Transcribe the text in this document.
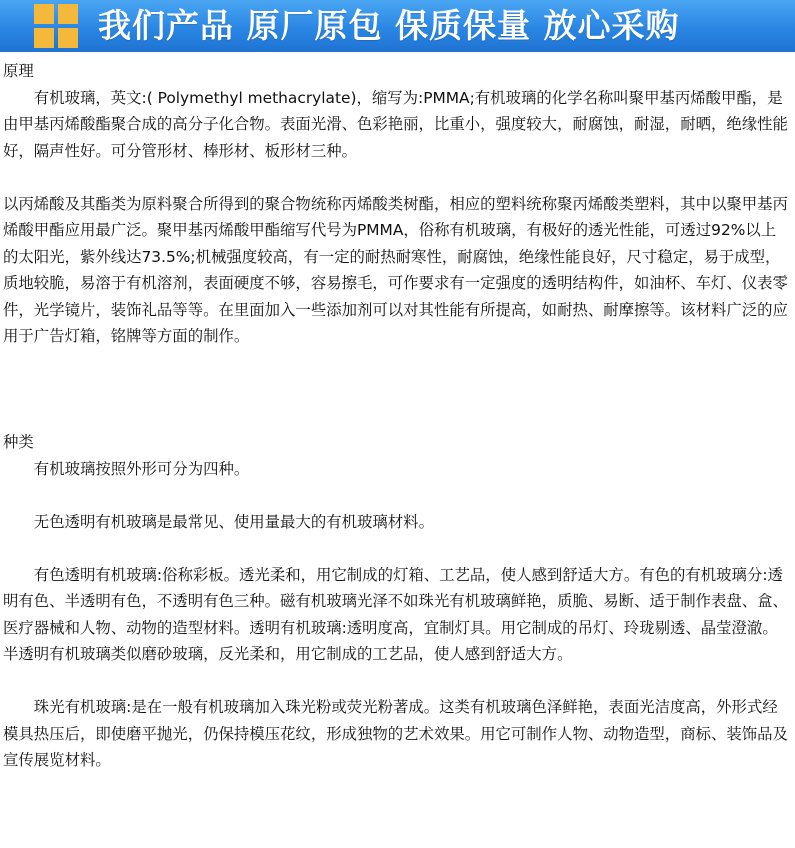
我们产品 原厂原包 保质保量 放心采购

原理

有机玻璃，英文:( Polymethyl methacrylate)，缩写为:PMMA;有机玻璃的化学名称叫聚甲基丙烯酸甲酯，是由甲基丙烯酸酯聚合成的高分子化合物。表面光滑、色彩艳丽，比重小，强度较大，耐腐蚀，耐湿，耐晒，绝缘性能好，隔声性好。可分管形材、棒形材、板形材三种。

以丙烯酸及其酯类为原料聚合所得到的聚合物统称丙烯酸类树酯，相应的塑料统称聚丙烯酸类塑料，其中以聚甲基丙烯酸甲酯应用最广泛。聚甲基丙烯酸甲酯缩写代号为PMMA，俗称有机玻璃，有极好的透光性能，可透过92%以上的太阳光，紫外线达73.5%;机械强度较高，有一定的耐热耐寒性，耐腐蚀，绝缘性能良好，尺寸稳定，易于成型，质地较脆，易溶于有机溶剂，表面硬度不够，容易擦毛，可作要求有一定强度的透明结构件，如油杯、车灯、仪表零件，光学镜片，装饰礼品等等。在里面加入一些添加剂可以对其性能有所提高，如耐热、耐摩擦等。该材料广泛的应用于广告灯箱，铭牌等方面的制作。

种类

有机玻璃按照外形可分为四种。

无色透明有机玻璃是最常见、使用量最大的有机玻璃材料。

有色透明有机玻璃:俗称彩板。透光柔和，用它制成的灯箱、工艺品，使人感到舒适大方。有色的有机玻璃分:透明有色、半透明有色，不透明有色三种。磁有机玻璃光泽不如珠光有机玻璃鲜艳，质脆、易断、适于制作表盘、盒、医疗器械和人物、动物的造型材料。透明有机玻璃:透明度高，宜制灯具。用它制成的吊灯、玲珑剔透、晶莹澄澈。半透明有机玻璃类似磨砂玻璃，反光柔和，用它制成的工艺品，使人感到舒适大方。

珠光有机玻璃:是在一般有机玻璃加入珠光粉或荧光粉著成。这类有机玻璃色泽鲜艳，表面光洁度高，外形式经模具热压后，即使磨平抛光，仍保持模压花纹，形成独物的艺术效果。用它可制作人物、动物造型，商标、装饰品及宣传展览材料。
